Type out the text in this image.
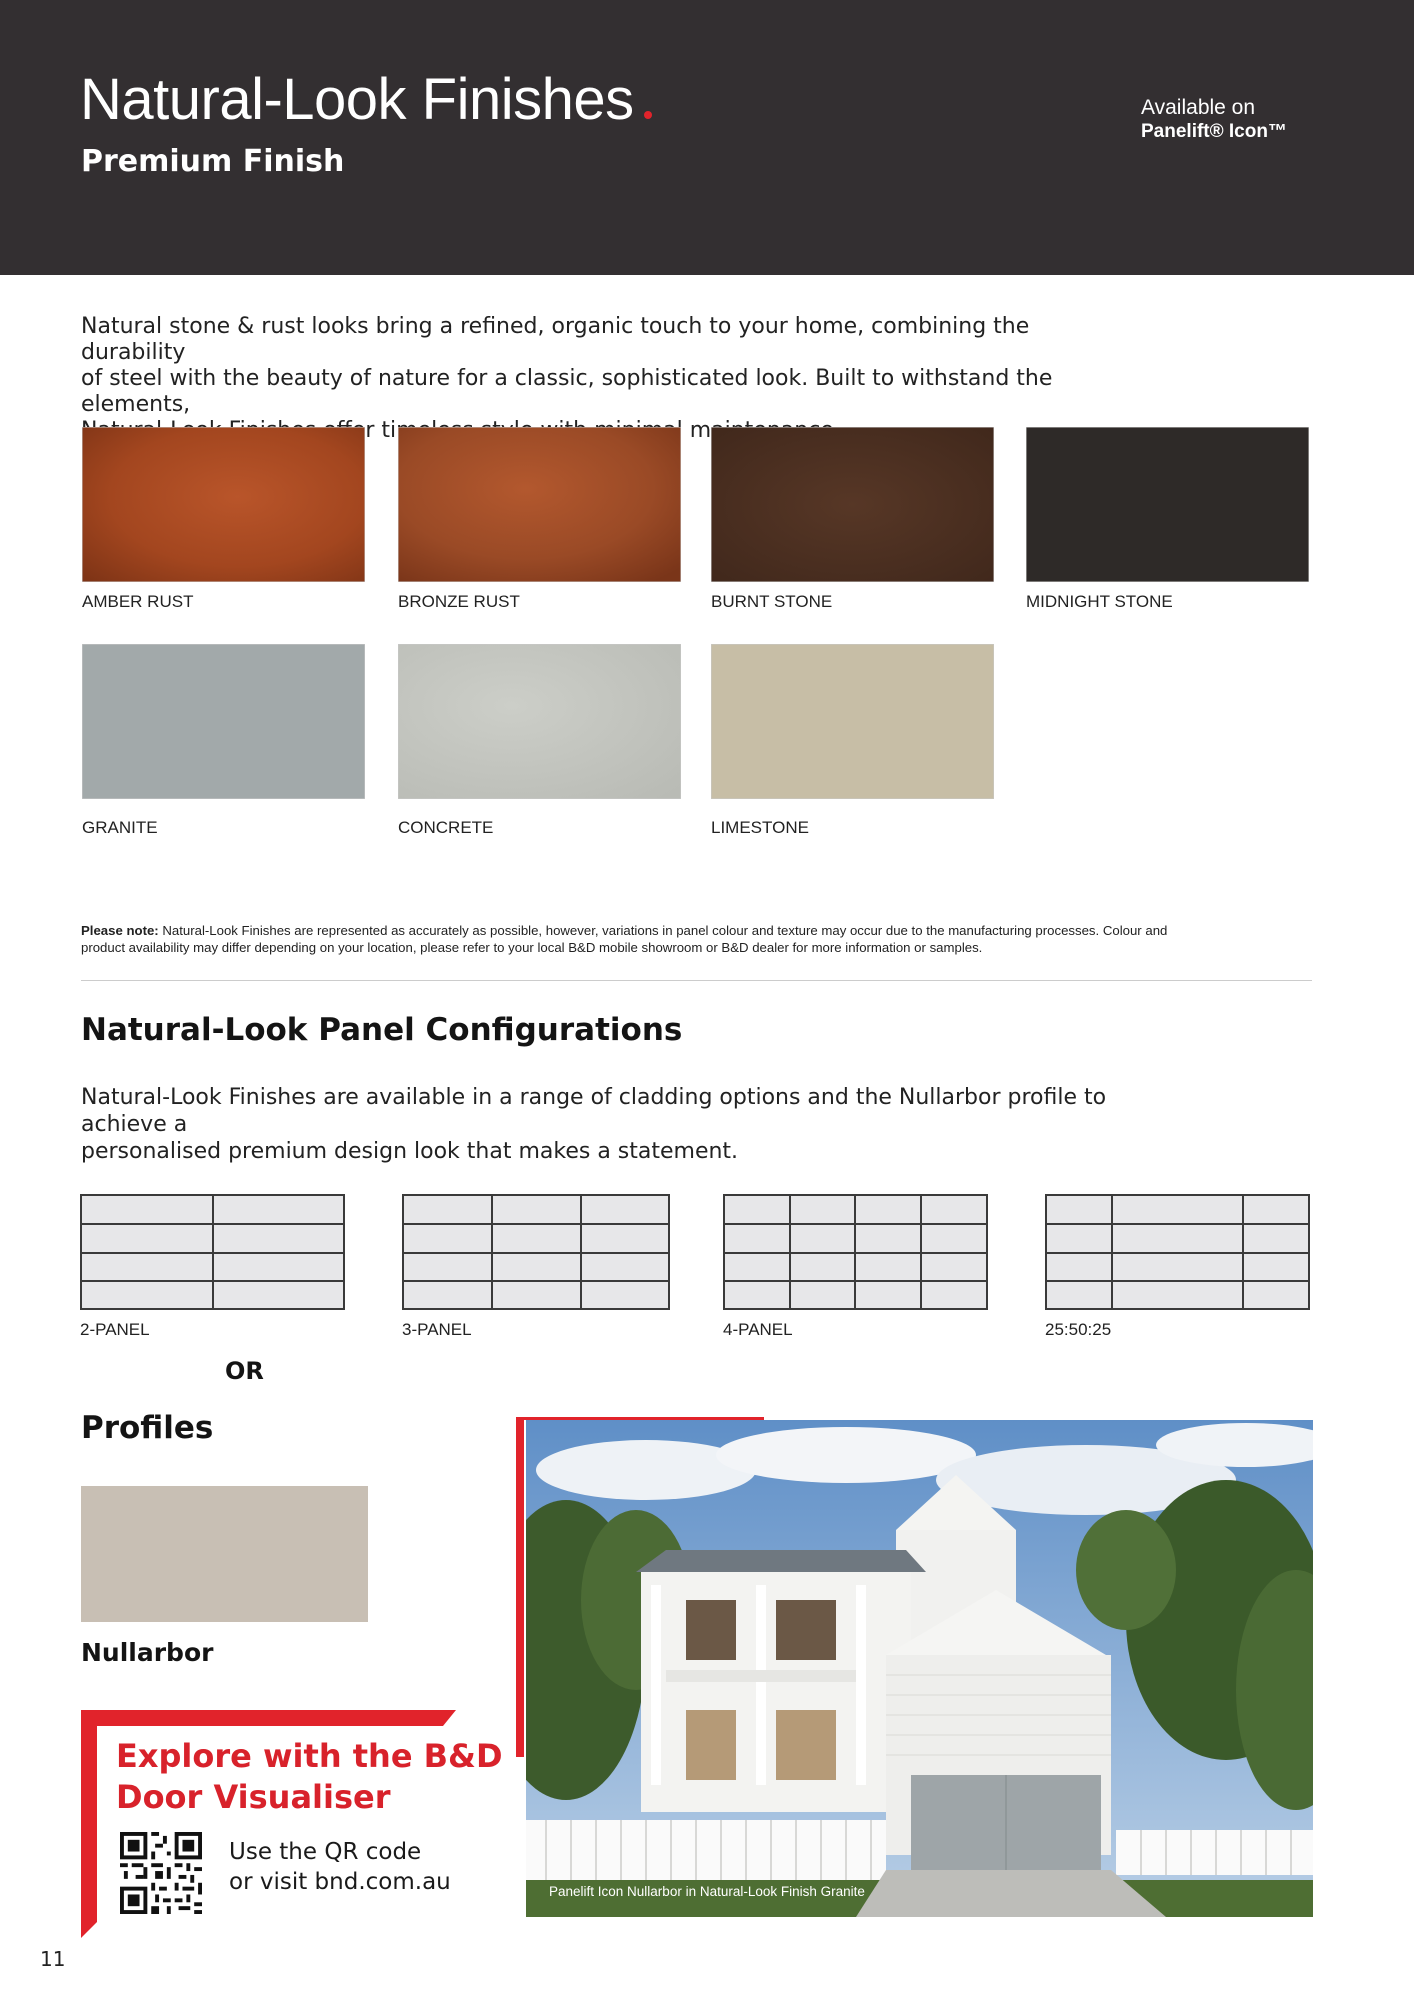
Natural-Look Finishes
Premium Finish
Available on
Panelift® Icon™
Natural stone & rust looks bring a refined, organic touch to your home, combining the durability
of steel with the beauty of nature for a classic, sophisticated look. Built to withstand the elements,
AMBER RUST	BRONZE RUST	BURNT STONE	MIDNIGHT STONE
GRANITE	CONCRETE	LIMESTONE
Please note: Natural-Look Finishes are represented as accurately as possible, however, variations in panel colour and texture may occur due to the manufacturing processes. Colour and
product availability may differ depending on your location, please refer to your local B&D mobile showroom or B&D dealer for more information or samples.
Natural-Look Panel Configurations
Natural-Look Finishes are available in a range of cladding options and the Nullarbor profile to achieve a
personalised premium design look that makes a statement.
2-PANEL	3-PANEL	4-PANEL	25:50:25
OR
Profiles
Nullarbor
Explore with the B&D
Door Visualiser
Use the QR code
or visit bnd.com.au	Panelift Icon Nullarbor in Natural-Look Finish Granite
11
